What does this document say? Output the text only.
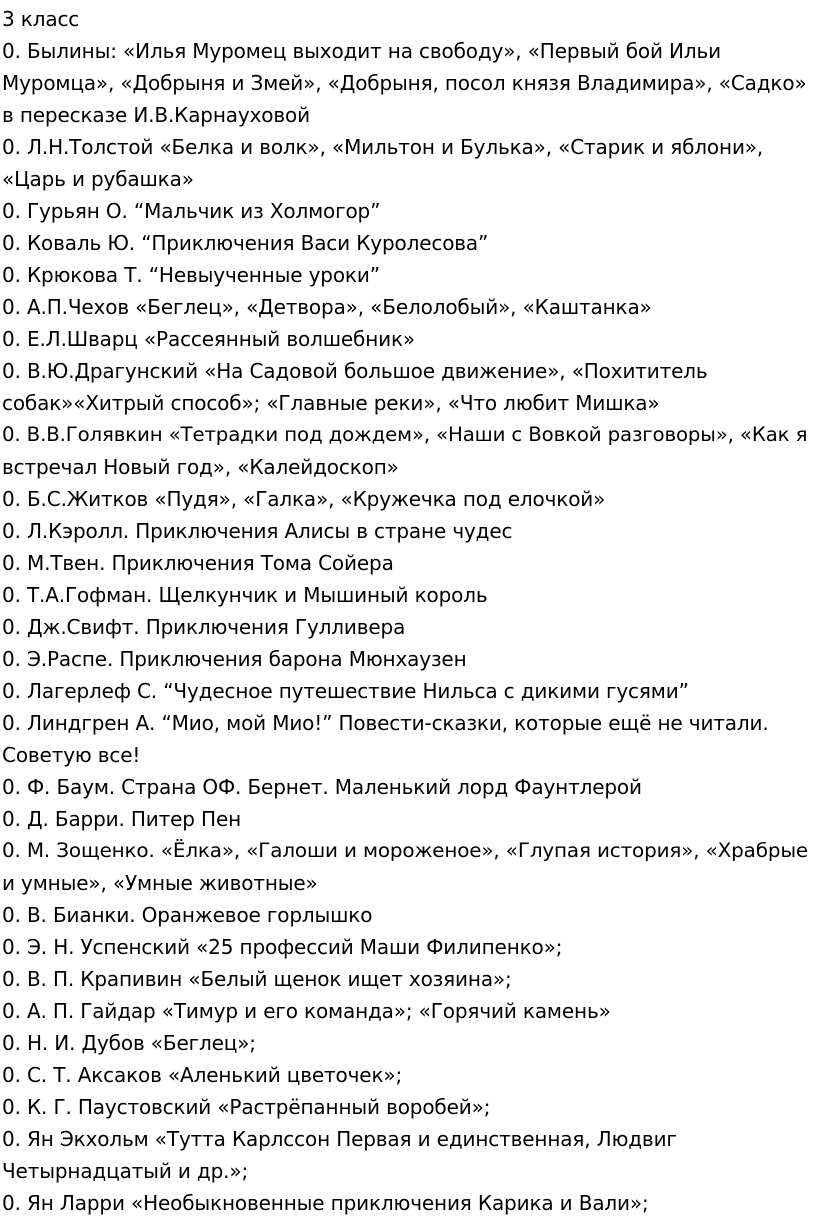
3 класс
0. Былины: «Илья Муромец выходит на свободу», «Первый бой Ильи
Муромца», «Добрыня и Змей», «Добрыня, посол князя Владимира», «Садко»
в пересказе И.В.Карнауховой
0. Л.Н.Толстой «Белка и волк», «Мильтон и Булька», «Старик и яблони»,
«Царь и рубашка»
0. Гурьян О. “Мальчик из Холмогор”
0. Коваль Ю. “Приключения Васи Куролесова”
0. Крюкова Т. “Невыученные уроки”
0. А.П.Чехов «Беглец», «Детвора», «Белолобый», «Каштанка»
0. Е.Л.Шварц «Рассеянный волшебник»
0. В.Ю.Драгунский «На Садовой большое движение», «Похититель
собак»«Хитрый способ»; «Главные реки», «Что любит Мишка»
0. В.В.Голявкин «Тетрадки под дождем», «Наши с Вовкой разговоры», «Как я
встречал Новый год», «Калейдоскоп»
0. Б.С.Житков «Пудя», «Галка», «Кружечка под елочкой»
0. Л.Кэролл. Приключения Алисы в стране чудес
0. М.Твен. Приключения Тома Сойера
0. Т.А.Гофман. Щелкунчик и Мышиный король
0. Дж.Свифт. Приключения Гулливера
0. Э.Распе. Приключения барона Мюнхаузен
0. Лагерлеф С. “Чудесное путешествие Нильса с дикими гусями”
0. Линдгрен А. “Мио, мой Мио!” Повести-сказки, которые ещё не читали.
Советую все!
0. Ф. Баум. Страна ОФ. Бернет. Маленький лорд Фаунтлерой
0. Д. Барри. Питер Пен
0. М. Зощенко. «Ёлка», «Галоши и мороженое», «Глупая история», «Храбрые
и умные», «Умные животные»
0. В. Бианки. Оранжевое горлышко
0. Э. Н. Успенский «25 профессий Маши Филипенко»;
0. В. П. Крапивин «Белый щенок ищет хозяина»;
0. А. П. Гайдар «Тимур и его команда»; «Горячий камень»
0. Н. И. Дубов «Беглец»;
0. С. Т. Аксаков «Аленький цветочек»;
0. К. Г. Паустовский «Растрёпанный воробей»;
0. Ян Экхольм «Тутта Карлссон Первая и единственная, Людвиг
Четырнадцатый и др.»;
0. Ян Ларри «Необыкновенные приключения Карика и Вали»;
